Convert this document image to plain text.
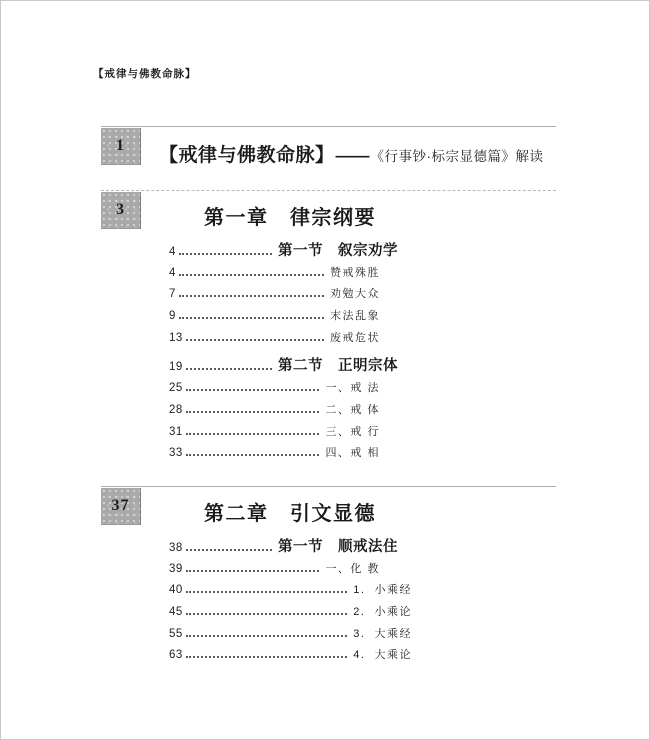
【戒律与佛教命脉】
1	【戒律与佛教命脉】 —— 《行事钞·标宗显德篇》解读
3	第一章　律宗纲要
4	第一节　叙宗劝学
4	赞戒殊胜
7	劝勉大众
9	末法乱象
13	废戒危状
19	第二节　正明宗体
25	一、戒 法
28	二、戒 体
31	三、戒 行
33	四、戒 相
37	第二章　引文显德
38	第一节　顺戒法住
39	一、化 教
40	1.  小乘经
45	2.  小乘论
55	3.  大乘经
63	4.  大乘论
